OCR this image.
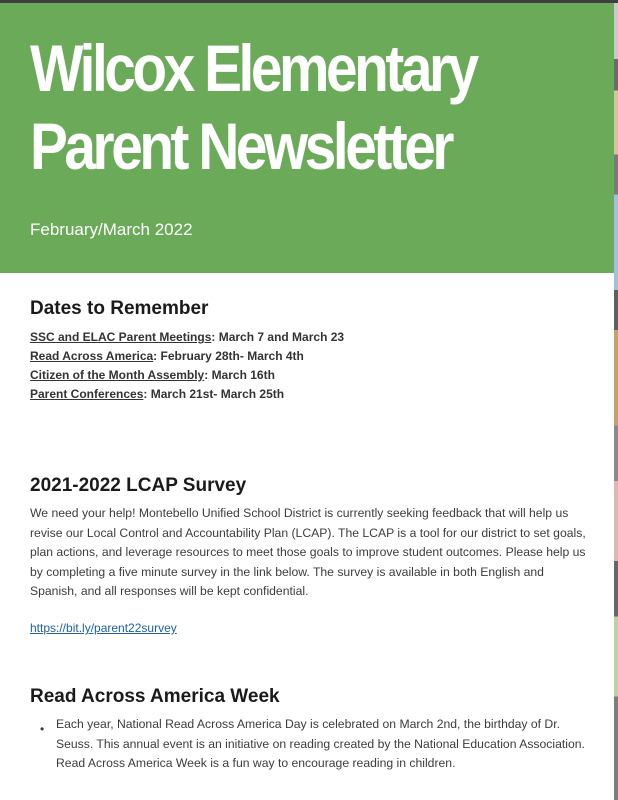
Wilcox Elementary
Parent Newsletter

February/March 2022

Dates to Remember

SSC and ELAC Parent Meetings: March 7 and March 23

Read Across America: February 28th- March 4th

Citizen of the Month Assembly: March 16th

Parent Conferences: March 21st- March 25th

2021-2022 LCAP Survey

We need your help! Montebello Unified School District is currently seeking feedback that will help us revise our Local Control and Accountability Plan (LCAP). The LCAP is a tool for our district to set goals, plan actions, and leverage resources to meet those goals to improve student outcomes. Please help us by completing a five minute survey in the link below. The survey is available in both English and Spanish, and all responses will be kept confidential.

https://bit.ly/parent22survey

Read Across America Week
• Each year, National Read Across America Day is celebrated on March 2nd, the birthday of Dr. Seuss. This annual event is an initiative on reading created by the National Education Association. Read Across America Week is a fun way to encourage reading in children.
